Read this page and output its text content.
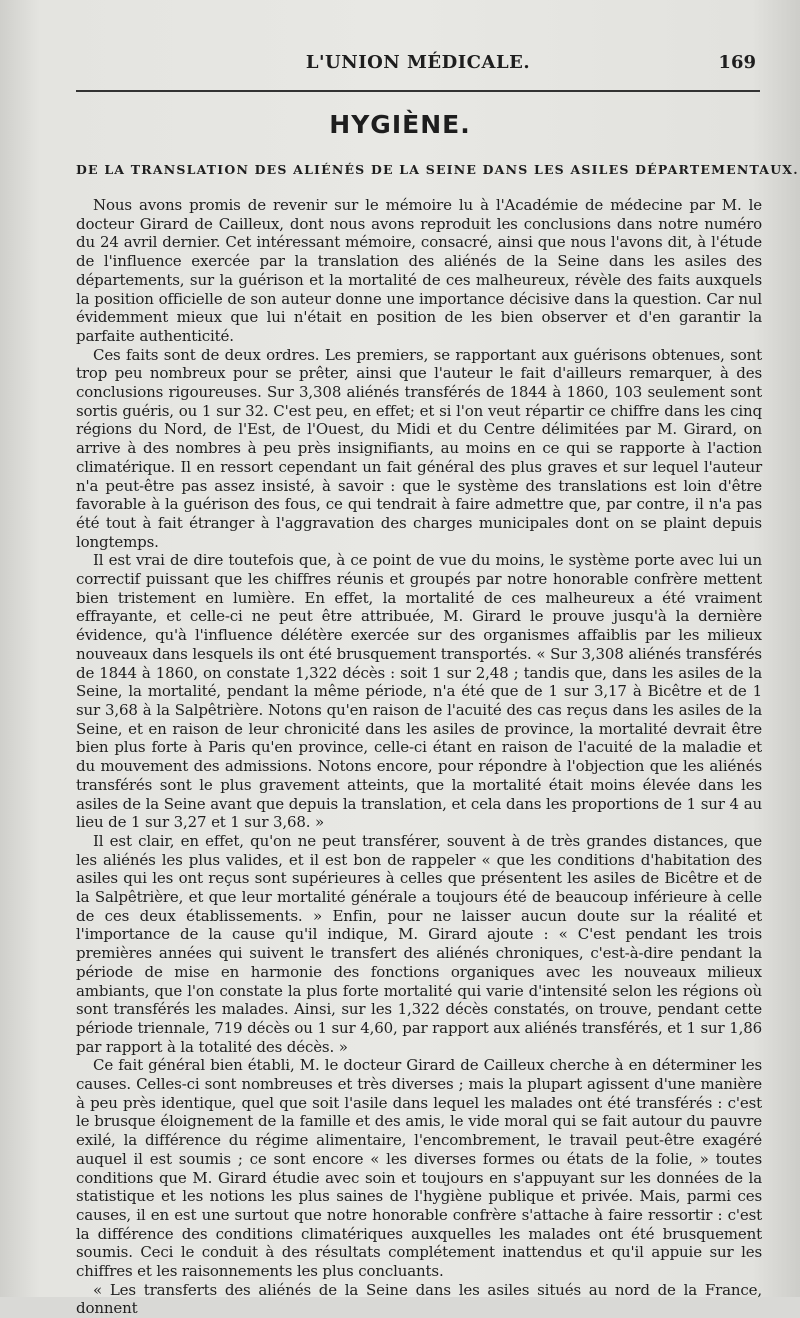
L'UNION MÉDICALE.	169
HYGIÈNE.
DE LA TRANSLATION DES ALIÉNÉS DE LA SEINE DANS LES ASILES DÉPARTEMENTAUX.

Nous avons promis de revenir sur le mémoire lu à l'Académie de médecine par M. le docteur Girard de Cailleux, dont nous avons reproduit les conclusions dans notre numéro du 24 avril dernier. Cet intéressant mémoire, consacré, ainsi que nous l'avons dit, à l'étude de l'influence exercée par la translation des aliénés de la Seine dans les asiles des départements, sur la guérison et la mortalité de ces malheureux, révèle des faits auxquels la position officielle de son auteur donne une importance décisive dans la question. Car nul évidemment mieux que lui n'était en position de les bien observer et d'en garantir la parfaite authenticité.

Ces faits sont de deux ordres. Les premiers, se rapportant aux guérisons obtenues, sont trop peu nombreux pour se prêter, ainsi que l'auteur le fait d'ailleurs remarquer, à des conclusions rigoureuses. Sur 3,308 aliénés transférés de 1844 à 1860, 103 seulement sont sortis guéris, ou 1 sur 32. C'est peu, en effet; et si l'on veut répartir ce chiffre dans les cinq régions du Nord, de l'Est, de l'Ouest, du Midi et du Centre délimitées par M. Girard, on arrive à des nombres à peu près insignifiants, au moins en ce qui se rapporte à l'action climatérique. Il en ressort cependant un fait général des plus graves et sur lequel l'auteur n'a peut-être pas assez insisté, à savoir : que le système des translations est loin d'être favorable à la guérison des fous, ce qui tendrait à faire admettre que, par contre, il n'a pas été tout à fait étranger à l'aggravation des charges municipales dont on se plaint depuis longtemps.

Il est vrai de dire toutefois que, à ce point de vue du moins, le système porte avec lui un correctif puissant que les chiffres réunis et groupés par notre honorable confrère mettent bien tristement en lumière. En effet, la mortalité de ces malheureux a été vraiment effrayante, et celle-ci ne peut être attribuée, M. Girard le prouve jusqu'à la dernière évidence, qu'à l'influence délétère exercée sur des organismes affaiblis par les milieux nouveaux dans lesquels ils ont été brusquement transportés. « Sur 3,308 aliénés transférés de 1844 à 1860, on constate 1,322 décès : soit 1 sur 2,48 ; tandis que, dans les asiles de la Seine, la mortalité, pendant la même période, n'a été que de 1 sur 3,17 à Bicêtre et de 1 sur 3,68 à la Salpêtrière. Notons qu'en raison de l'acuité des cas reçus dans les asiles de la Seine, et en raison de leur chronicité dans les asiles de province, la mortalité devrait être bien plus forte à Paris qu'en province, celle-ci étant en raison de l'acuité de la maladie et du mouvement des admissions. Notons encore, pour répondre à l'objection que les aliénés transférés sont le plus gravement atteints, que la mortalité était moins élevée dans les asiles de la Seine avant que depuis la translation, et cela dans les proportions de 1 sur 4 au lieu de 1 sur 3,27 et 1 sur 3,68. »

Il est clair, en effet, qu'on ne peut transférer, souvent à de très grandes distances, que les aliénés les plus valides, et il est bon de rappeler « que les conditions d'habitation des asiles qui les ont reçus sont supérieures à celles que présentent les asiles de Bicêtre et de la Salpêtrière, et que leur mortalité générale a toujours été de beaucoup inférieure à celle de ces deux établissements. » Enfin, pour ne laisser aucun doute sur la réalité et l'importance de la cause qu'il indique, M. Girard ajoute : « C'est pendant les trois premières années qui suivent le transfert des aliénés chroniques, c'est-à-dire pendant la période de mise en harmonie des fonctions organiques avec les nouveaux milieux ambiants, que l'on constate la plus forte mortalité qui varie d'intensité selon les régions où sont transférés les malades. Ainsi, sur les 1,322 décès constatés, on trouve, pendant cette période triennale, 719 décès ou 1 sur 4,60, par rapport aux aliénés transférés, et 1 sur 1,86 par rapport à la totalité des décès. »

Ce fait général bien établi, M. le docteur Girard de Cailleux cherche à en déterminer les causes. Celles-ci sont nombreuses et très diverses ; mais la plupart agissent d'une manière à peu près identique, quel que soit l'asile dans lequel les malades ont été transférés : c'est le brusque éloignement de la famille et des amis, le vide moral qui se fait autour du pauvre exilé, la différence du régime alimentaire, l'encombrement, le travail peut-être exagéré auquel il est soumis ; ce sont encore « les diverses formes ou états de la folie, » toutes conditions que M. Girard étudie avec soin et toujours en s'appuyant sur les données de la statistique et les notions les plus saines de l'hygiène publique et privée. Mais, parmi ces causes, il en est une surtout que notre honorable confrère s'attache à faire ressortir : c'est la différence des conditions climatériques auxquelles les malades ont été brusquement soumis. Ceci le conduit à des résultats complétement inattendus et qu'il appuie sur les chiffres et les raisonnements les plus concluants.

« Les transferts des aliénés de la Seine dans les asiles situés au nord de la France, donnent
